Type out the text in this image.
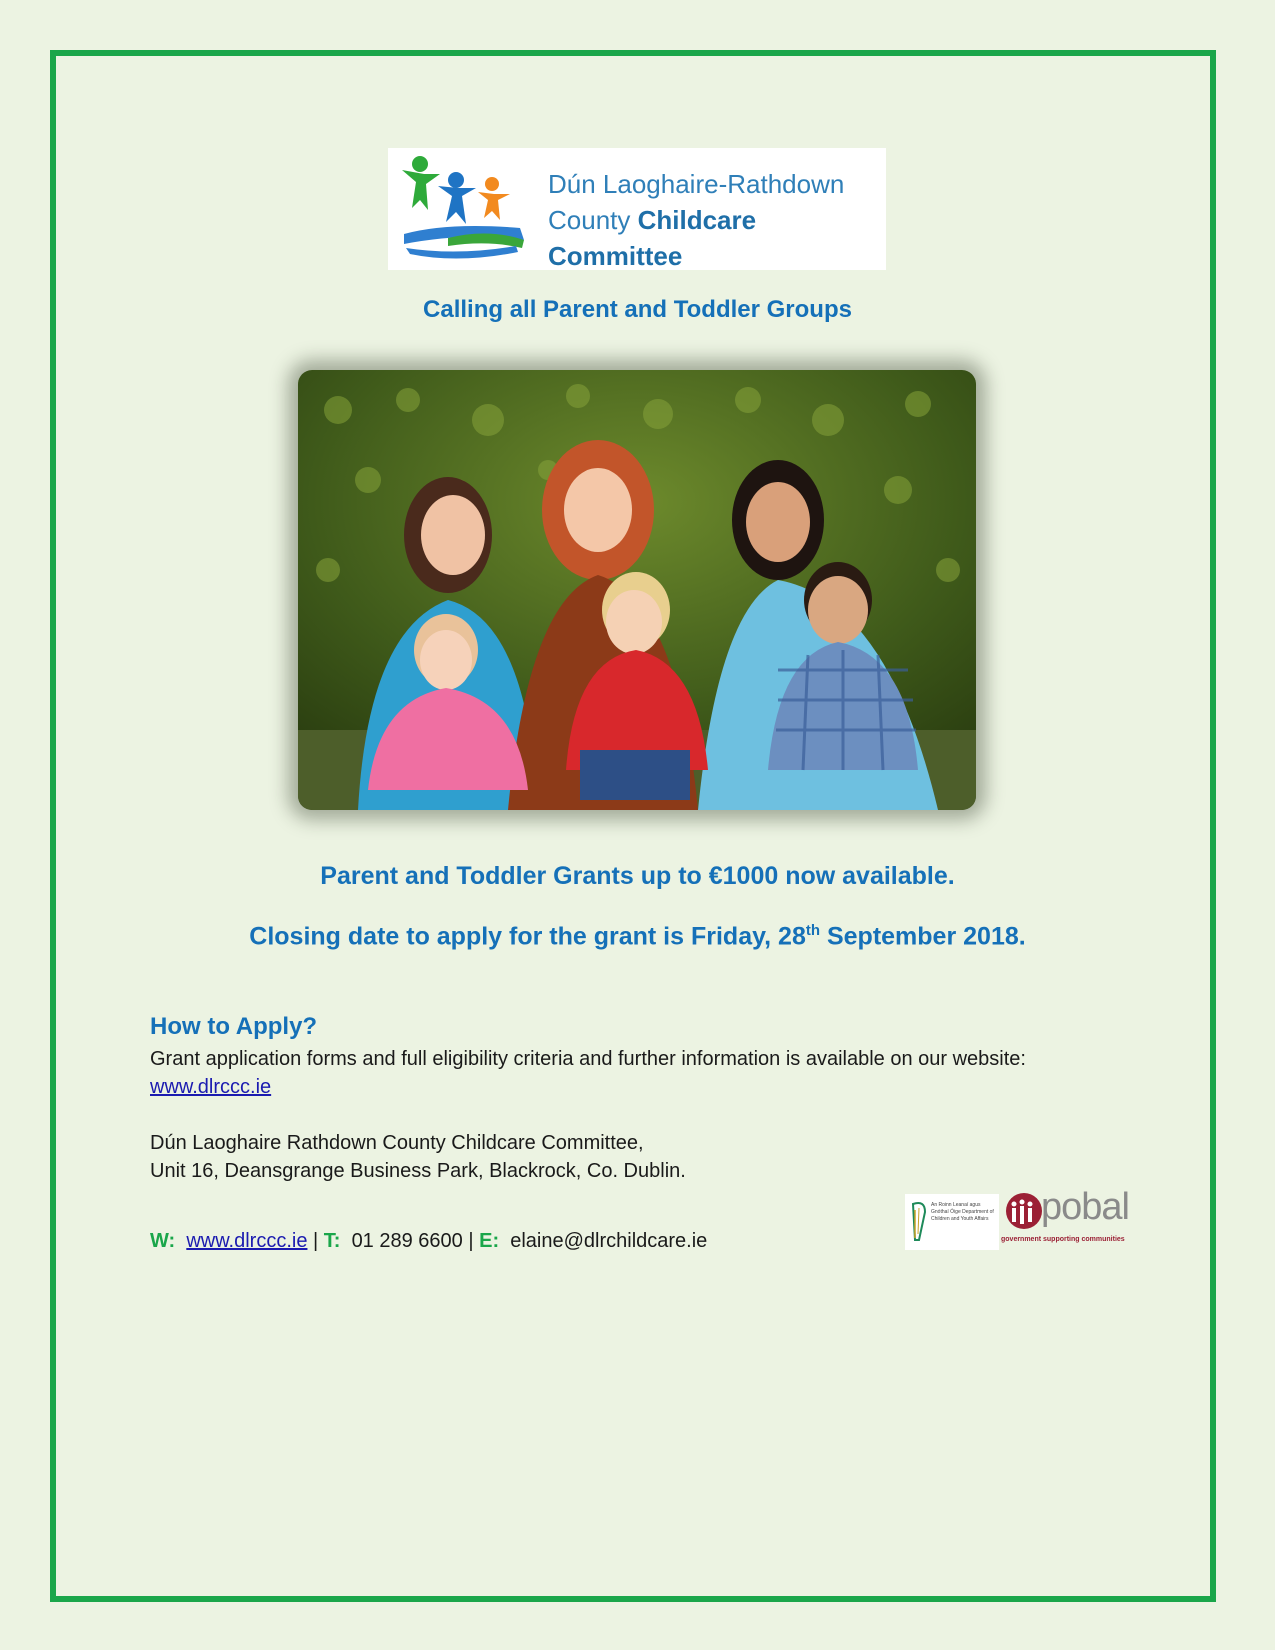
Dún Laoghaire-Rathdown
County Childcare Committee
Calling all Parent and Toddler Groups
Parent and Toddler Grants up to €1000 now available.
Closing date to apply for the grant is Friday, 28th September 2018.
How to Apply?
Grant application forms and full eligibility criteria and further information is available on our website:
www.dlrccc.ie
Dún Laoghaire Rathdown County Childcare Committee,
Unit 16, Deansgrange Business Park, Blackrock, Co. Dublin.
W: www.dlrccc.ie | T: 01 289 6600 | E: elaine@dlrchildcare.ie
An Roinn Leanaí agus Gnóthaí Óige Department of Children and Youth Affairs pobal
government supporting communities
